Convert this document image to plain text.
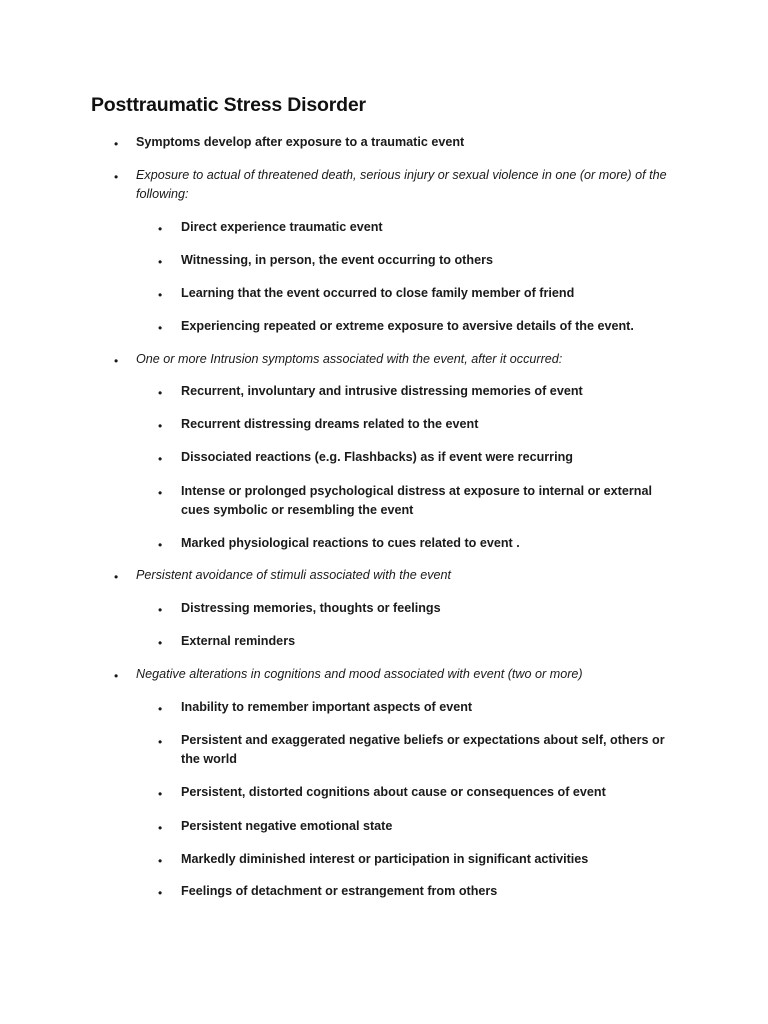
Posttraumatic Stress Disorder
• Symptoms develop after exposure to a traumatic event
• Exposure to actual of threatened death, serious injury or sexual violence in one (or more) of the following:
• Direct experience traumatic event
• Witnessing, in person, the event occurring to others
• Learning that the event occurred to close family member of friend
• Experiencing repeated or extreme exposure to aversive details of the event.
• One or more Intrusion symptoms associated with the event, after it occurred:
• Recurrent, involuntary and intrusive distressing memories of event
• Recurrent distressing dreams related to the event
• Dissociated reactions (e.g. Flashbacks) as if event were recurring
• Intense or prolonged psychological distress at exposure to internal or external cues symbolic or resembling the event
• Marked physiological reactions to cues related to event .
• Persistent avoidance of stimuli associated with the event
• Distressing memories, thoughts or feelings
• External reminders
• Negative alterations in cognitions and mood associated with event (two or more)
• Inability to remember important aspects of event
• Persistent and exaggerated negative beliefs or expectations about self, others or the world
• Persistent, distorted cognitions about cause or consequences of event
• Persistent negative emotional state
• Markedly diminished interest or participation in significant activities
• Feelings of detachment or estrangement from others
